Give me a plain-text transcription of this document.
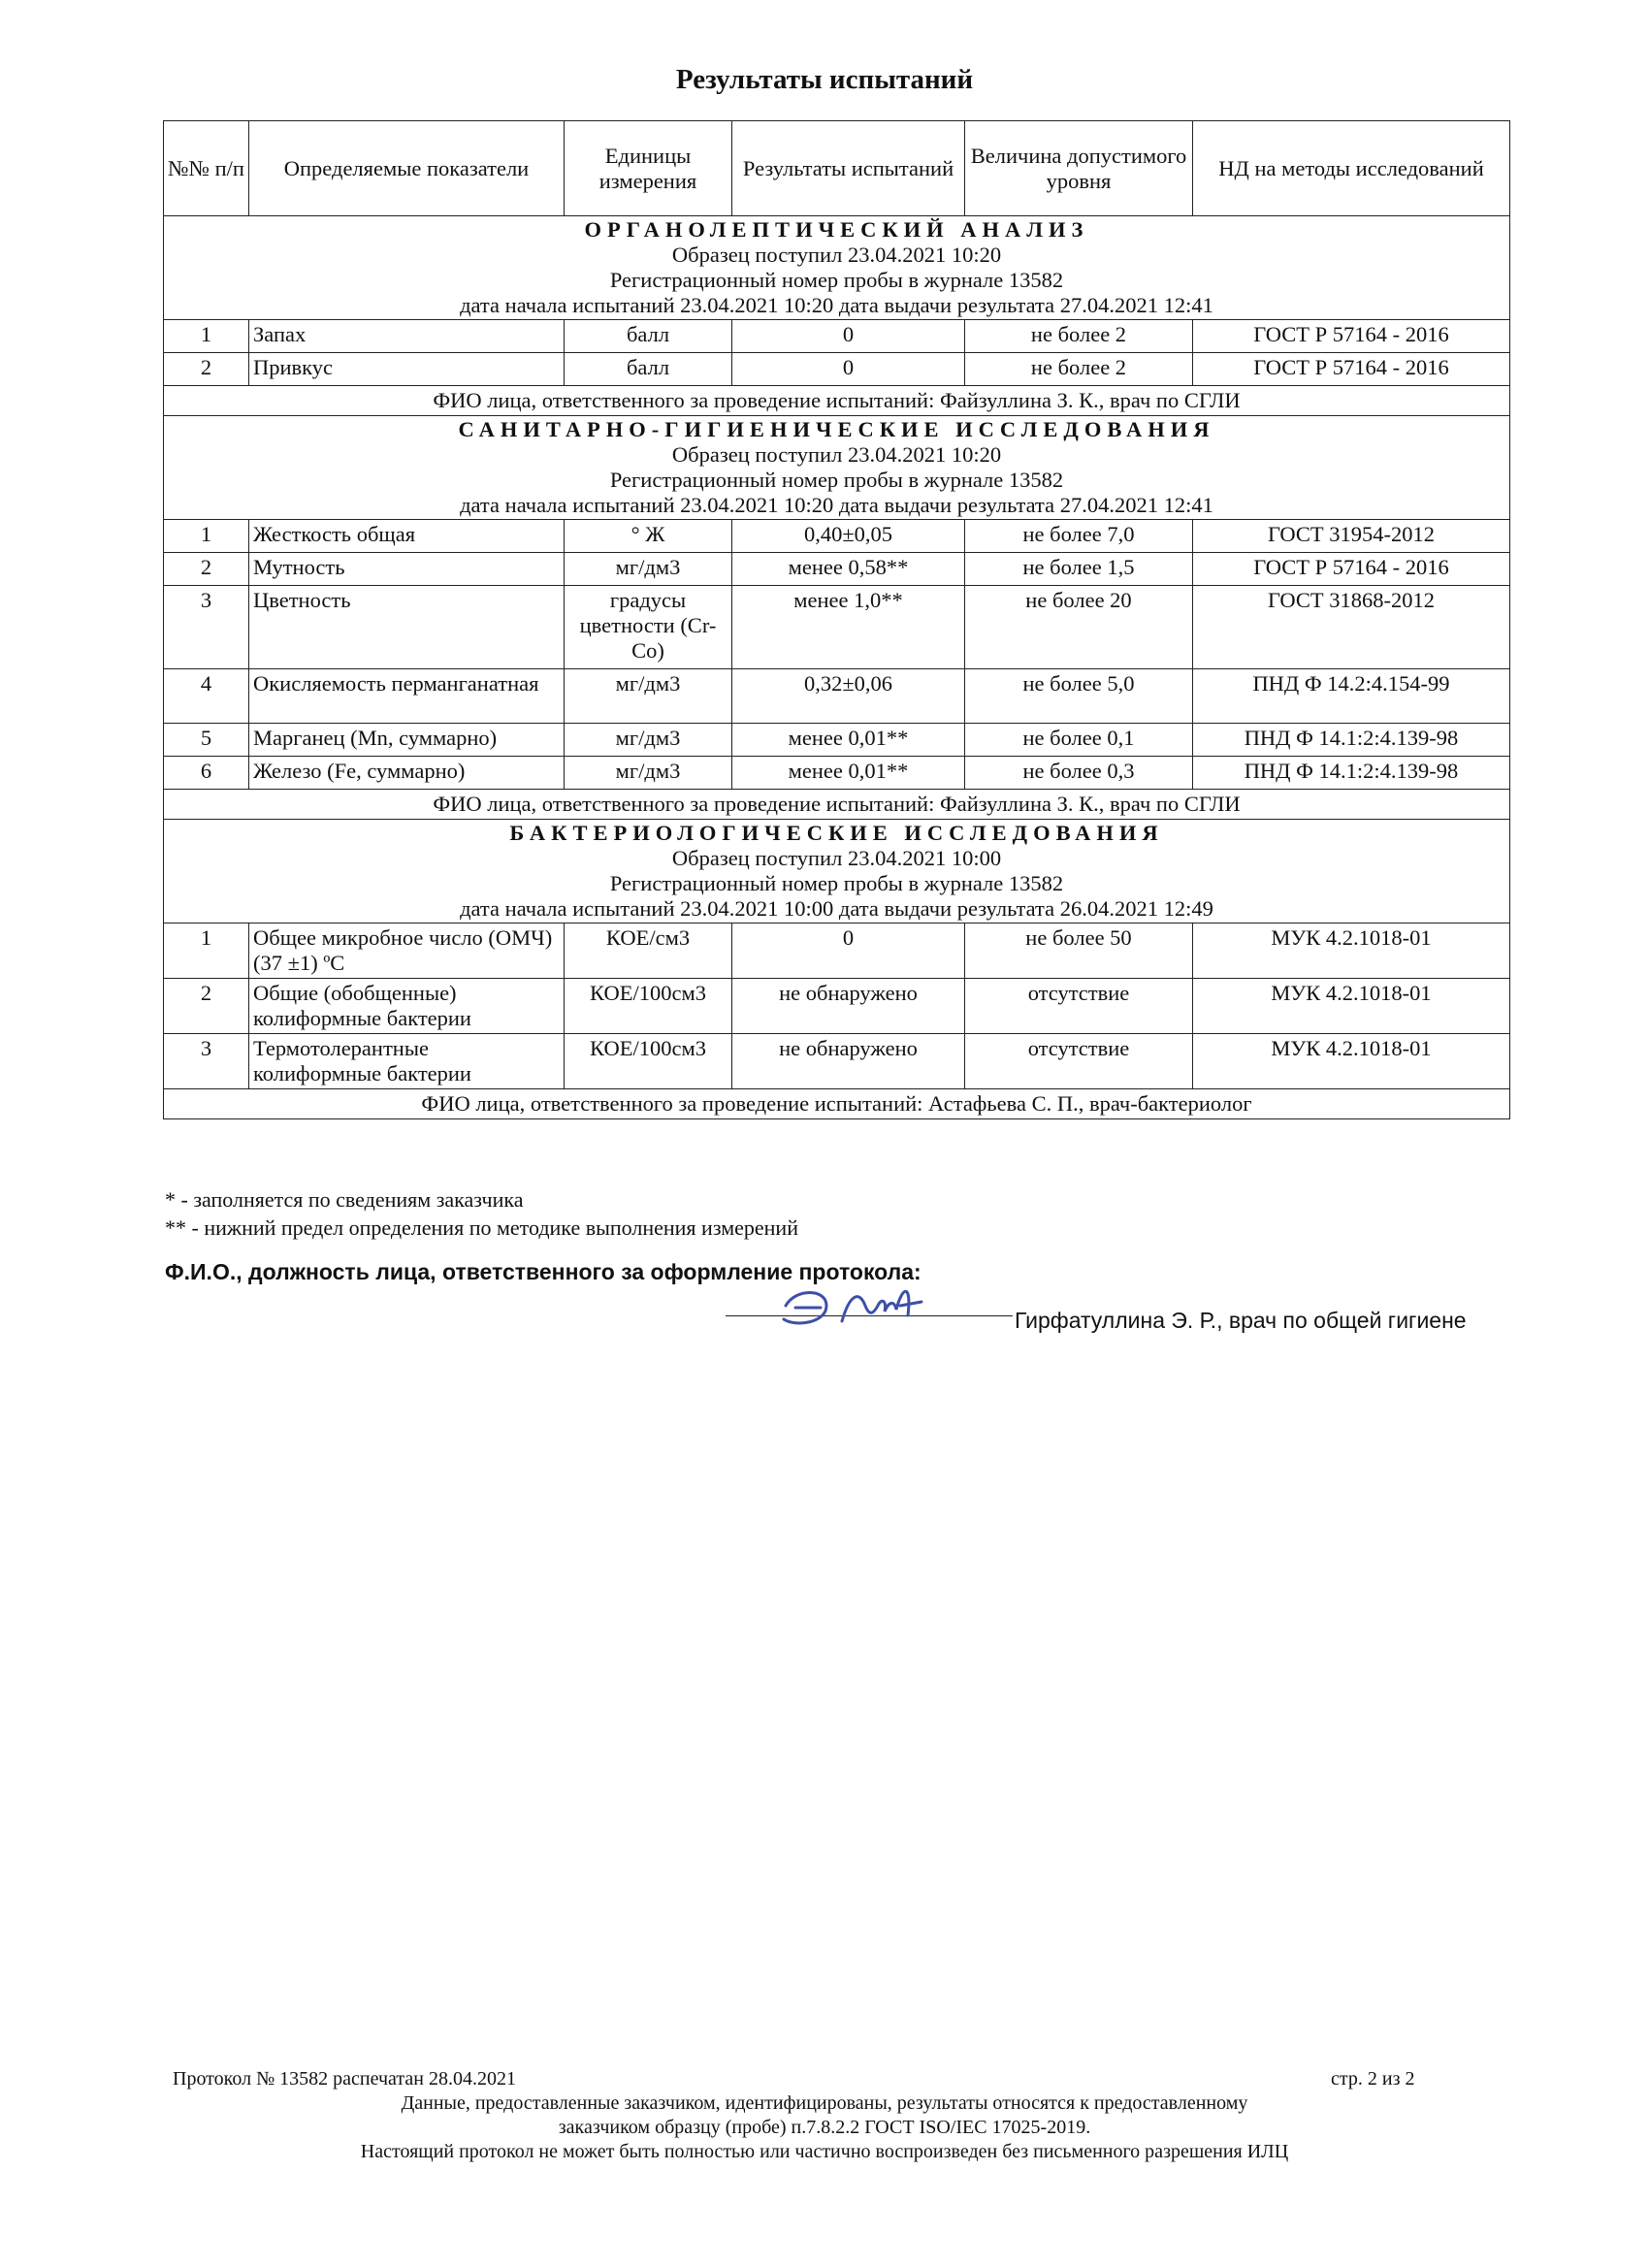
Результаты испытаний
№№ п/п	Определяемые показатели	Единицы измерения	Результаты испытаний	Величина допустимого уровня	НД на методы исследований

ОРГАНОЛЕПТИЧЕСКИЙ АНАЛИЗ
Образец поступил 23.04.2021 10:20
Регистрационный номер пробы в журнале 13582
дата начала испытаний 23.04.2021 10:20 дата выдачи результата 27.04.2021 12:41					

1	Запах	балл	0	не более 2	ГОСТ Р 57164 - 2016
2	Привкус	балл	0	не более 2	ГОСТ Р 57164 - 2016
ФИО лица, ответственного за проведение испытаний: Файзуллина З. К., врач по СГЛИ					

САНИТАРНО-ГИГИЕНИЧЕСКИЕ ИССЛЕДОВАНИЯ
Образец поступил 23.04.2021 10:20
Регистрационный номер пробы в журнале 13582
дата начала испытаний 23.04.2021 10:20 дата выдачи результата 27.04.2021 12:41					

1	Жесткость общая	° Ж	0,40±0,05	не более 7,0	ГОСТ 31954-2012
2	Мутность	мг/дм3	менее 0,58**	не более 1,5	ГОСТ Р 57164 - 2016
3	Цветность	градусы цветности (Cr-Co)	менее 1,0**	не более 20	ГОСТ 31868-2012
4	Окисляемость перманганатная	мг/дм3	0,32±0,06	не более 5,0	ПНД Ф 14.2:4.154-99
5	Марганец (Mn, суммарно)	мг/дм3	менее 0,01**	не более 0,1	ПНД Ф 14.1:2:4.139-98
6	Железо (Fe, суммарно)	мг/дм3	менее 0,01**	не более 0,3	ПНД Ф 14.1:2:4.139-98
ФИО лица, ответственного за проведение испытаний: Файзуллина З. К., врач по СГЛИ					

БАКТЕРИОЛОГИЧЕСКИЕ ИССЛЕДОВАНИЯ
Образец поступил 23.04.2021 10:00
Регистрационный номер пробы в журнале 13582
дата начала испытаний 23.04.2021 10:00 дата выдачи результата 26.04.2021 12:49					

1	Общее микробное число (ОМЧ) (37 ±1) ºС	КОЕ/см3	0	не более 50	МУК 4.2.1018-01
2	Общие (обобщенные) колиформные бактерии	КОЕ/100см3	не обнаружено	отсутствие	МУК 4.2.1018-01
3	Термотолерантные колиформные бактерии	КОЕ/100см3	не обнаружено	отсутствие	МУК 4.2.1018-01
ФИО лица, ответственного за проведение испытаний: Астафьева С. П., врач-бактериолог					
* - заполняется по сведениям заказчика
** - нижний предел определения по методике выполнения измерений
Ф.И.О., должность лица, ответственного за оформление протокола:
Гирфатуллина Э. Р., врач по общей гигиене
Протокол № 13582 распечатан 28.04.2021	стр. 2 из 2
Данные, предоставленные заказчиком, идентифицированы, результаты относятся к предоставленному
заказчиком образцу (пробе) п.7.8.2.2 ГОСТ ISO/IEC 17025-2019.
Настоящий протокол не может быть полностью или частично воспроизведен без письменного разрешения ИЛЦ
